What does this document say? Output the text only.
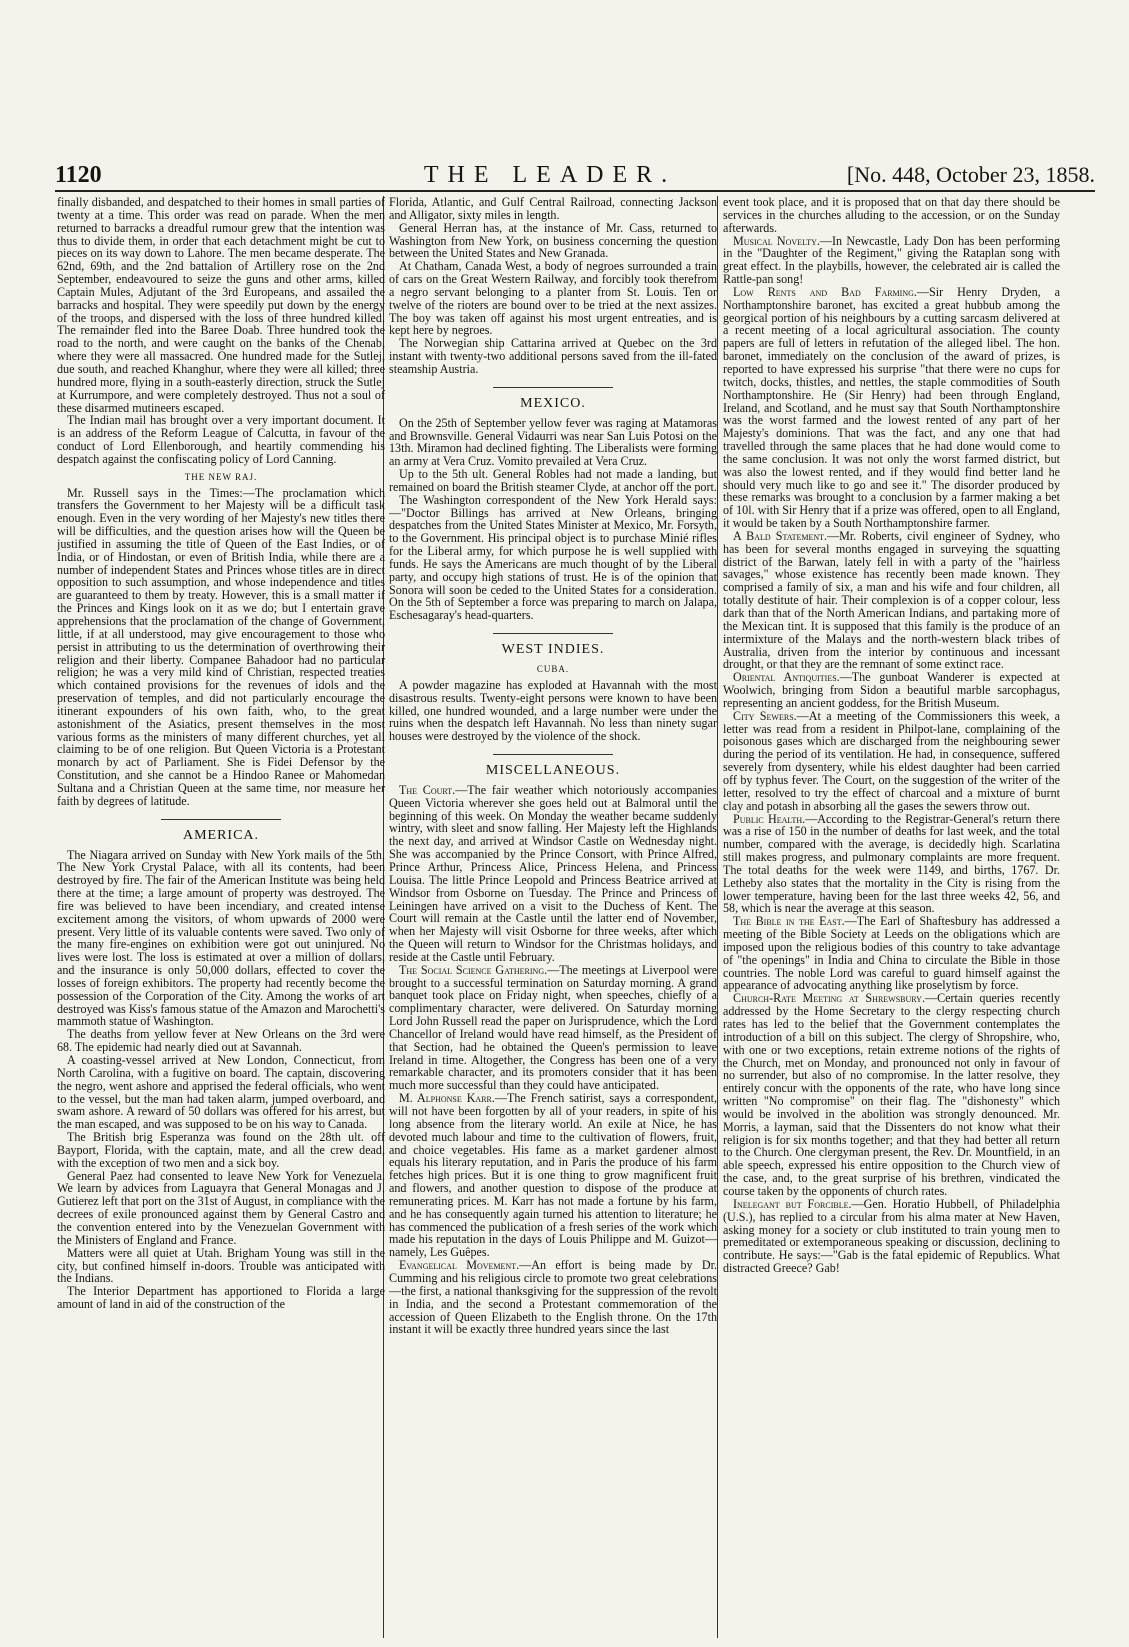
1120	THE LEADER.	[No. 448, October 23, 1858.

finally disbanded, and despatched to their homes in small parties of twenty at a time. This order was read on parade. When the men returned to barracks a dreadful rumour grew that the intention was thus to divide them, in order that each detachment might be cut to pieces on its way down to Lahore. The men became desperate. The 62nd, 69th, and the 2nd battalion of Artillery rose on the 2nd September, endeavoured to seize the guns and other arms, killed Captain Mules, Adjutant of the 3rd Europeans, and assailed the barracks and hospital. They were speedily put down by the energy of the troops, and dispersed with the loss of three hundred killed. The remainder fled into the Baree Doab. Three hundred took the road to the north, and were caught on the banks of the Chenab, where they were all massacred. One hundred made for the Sutlej, due south, and reached Khanghur, where they were all killed; three hundred more, flying in a south-easterly direction, struck the Sutlej at Kurrumpore, and were completely destroyed. Thus not a soul of these disarmed mutineers escaped.

The Indian mail has brought over a very important document. It is an address of the Reform League of Calcutta, in favour of the conduct of Lord Ellenborough, and heartily commending his despatch against the confiscating policy of Lord Canning.

THE NEW RAJ.

Mr. Russell says in the Times:—The proclamation which transfers the Government to her Majesty will be a difficult task enough. Even in the very wording of her Majesty's new titles there will be difficulties, and the question arises how will the Queen be justified in assuming the title of Queen of the East Indies, or of India, or of Hindostan, or even of British India, while there are a number of independent States and Princes whose titles are in direct opposition to such assumption, and whose independence and titles are guaranteed to them by treaty. However, this is a small matter if the Princes and Kings look on it as we do; but I entertain grave apprehensions that the proclamation of the change of Government, little, if at all understood, may give encouragement to those who persist in attributing to us the determination of overthrowing their religion and their liberty. Companee Bahadoor had no particular religion; he was a very mild kind of Christian, respected treaties which contained provisions for the revenues of idols and the preservation of temples, and did not particularly encourage the itinerant expounders of his own faith, who, to the great astonishment of the Asiatics, present themselves in the most various forms as the ministers of many different churches, yet all claiming to be of one religion. But Queen Victoria is a Protestant monarch by act of Parliament. She is Fidei Defensor by the Constitution, and she cannot be a Hindoo Ranee or Mahomedan Sultana and a Christian Queen at the same time, nor measure her faith by degrees of latitude.

AMERICA.

The Niagara arrived on Sunday with New York mails of the 5th. The New York Crystal Palace, with all its contents, had been destroyed by fire. The fair of the American Institute was being held there at the time; a large amount of property was destroyed. The fire was believed to have been incendiary, and created intense excitement among the visitors, of whom upwards of 2000 were present. Very little of its valuable contents were saved. Two only of the many fire-engines on exhibition were got out uninjured. No lives were lost. The loss is estimated at over a million of dollars, and the insurance is only 50,000 dollars, effected to cover the losses of foreign exhibitors. The property had recently become the possession of the Corporation of the City. Among the works of art destroyed was Kiss's famous statue of the Amazon and Marochetti's mammoth statue of Washington.

The deaths from yellow fever at New Orleans on the 3rd were 68. The epidemic had nearly died out at Savannah.

A coasting-vessel arrived at New London, Connecticut, from North Carolina, with a fugitive on board. The captain, discovering the negro, went ashore and apprised the federal officials, who went to the vessel, but the man had taken alarm, jumped overboard, and swam ashore. A reward of 50 dollars was offered for his arrest, but the man escaped, and was supposed to be on his way to Canada.

The British brig Esperanza was found on the 28th ult. off Bayport, Florida, with the captain, mate, and all the crew dead, with the exception of two men and a sick boy.

General Paez had consented to leave New York for Venezuela. We learn by advices from Laguayra that General Monagas and J. Gutierez left that port on the 31st of August, in compliance with the decrees of exile pronounced against them by General Castro and the convention entered into by the Venezuelan Government with the Ministers of England and France.

Matters were all quiet at Utah. Brigham Young was still in the city, but confined himself in-doors. Trouble was anticipated with the Indians.

The Interior Department has apportioned to Florida a large amount of land in aid of the construction of the

Florida, Atlantic, and Gulf Central Railroad, connecting Jackson and Alligator, sixty miles in length.

General Herran has, at the instance of Mr. Cass, returned to Washington from New York, on business concerning the question between the United States and New Granada.

At Chatham, Canada West, a body of negroes surrounded a train of cars on the Great Western Railway, and forcibly took therefrom a negro servant belonging to a planter from St. Louis. Ten or twelve of the rioters are bound over to be tried at the next assizes. The boy was taken off against his most urgent entreaties, and is kept here by negroes.

The Norwegian ship Cattarina arrived at Quebec on the 3rd instant with twenty-two additional persons saved from the ill-fated steamship Austria.

MEXICO.

On the 25th of September yellow fever was raging at Matamoras and Brownsville. General Vidaurri was near San Luis Potosi on the 13th. Miramon had declined fighting. The Liberalists were forming an army at Vera Cruz. Vomito prevailed at Vera Cruz.

Up to the 5th ult. General Robles had not made a landing, but remained on board the British steamer Clyde, at anchor off the port.

The Washington correspondent of the New York Herald says:—"Doctor Billings has arrived at New Orleans, bringing despatches from the United States Minister at Mexico, Mr. Forsyth, to the Government. His principal object is to purchase Minié rifles for the Liberal army, for which purpose he is well supplied with funds. He says the Americans are much thought of by the Liberal party, and occupy high stations of trust. He is of the opinion that Sonora will soon be ceded to the United States for a consideration. On the 5th of September a force was preparing to march on Jalapa, Eschesagaray's head-quarters.

WEST INDIES.
CUBA.

A powder magazine has exploded at Havannah with the most disastrous results. Twenty-eight persons were known to have been killed, one hundred wounded, and a large number were under the ruins when the despatch left Havannah. No less than ninety sugar houses were destroyed by the violence of the shock.

MISCELLANEOUS.

The Court.—The fair weather which notoriously accompanies Queen Victoria wherever she goes held out at Balmoral until the beginning of this week. On Monday the weather became suddenly wintry, with sleet and snow falling. Her Majesty left the Highlands the next day, and arrived at Windsor Castle on Wednesday night. She was accompanied by the Prince Consort, with Prince Alfred, Prince Arthur, Princess Alice, Princess Helena, and Princess Louisa. The little Prince Leopold and Princess Beatrice arrived at Windsor from Osborne on Tuesday. The Prince and Princess of Leiningen have arrived on a visit to the Duchess of Kent. The Court will remain at the Castle until the latter end of November, when her Majesty will visit Osborne for three weeks, after which the Queen will return to Windsor for the Christmas holidays, and reside at the Castle until February.

The Social Science Gathering.—The meetings at Liverpool were brought to a successful termination on Saturday morning. A grand banquet took place on Friday night, when speeches, chiefly of a complimentary character, were delivered. On Saturday morning Lord John Russell read the paper on Jurisprudence, which the Lord Chancellor of Ireland would have read himself, as the President of that Section, had he obtained the Queen's permission to leave Ireland in time. Altogether, the Congress has been one of a very remarkable character, and its promoters consider that it has been much more successful than they could have anticipated.

M. Alphonse Karr.—The French satirist, says a correspondent, will not have been forgotten by all of your readers, in spite of his long absence from the literary world. An exile at Nice, he has devoted much labour and time to the cultivation of flowers, fruit, and choice vegetables. His fame as a market gardener almost equals his literary reputation, and in Paris the produce of his farm fetches high prices. But it is one thing to grow magnificent fruit and flowers, and another question to dispose of the produce at remunerating prices. M. Karr has not made a fortune by his farm, and he has consequently again turned his attention to literature; he has commenced the publication of a fresh series of the work which made his reputation in the days of Louis Philippe and M. Guizot—namely, Les Guêpes.

Evangelical Movement.—An effort is being made by Dr. Cumming and his religious circle to promote two great celebrations—the first, a national thanksgiving for the suppression of the revolt in India, and the second a Protestant commemoration of the accession of Queen Elizabeth to the English throne. On the 17th instant it will be exactly three hundred years since the last

event took place, and it is proposed that on that day there should be services in the churches alluding to the accession, or on the Sunday afterwards.

Musical Novelty.—In Newcastle, Lady Don has been performing in the "Daughter of the Regiment," giving the Rataplan song with great effect. In the playbills, however, the celebrated air is called the Rattle-pan song!

Low Rents and Bad Farming.—Sir Henry Dryden, a Northamptonshire baronet, has excited a great hubbub among the georgical portion of his neighbours by a cutting sarcasm delivered at a recent meeting of a local agricultural association. The county papers are full of letters in refutation of the alleged libel. The hon. baronet, immediately on the conclusion of the award of prizes, is reported to have expressed his surprise "that there were no cups for twitch, docks, thistles, and nettles, the staple commodities of South Northamptonshire. He (Sir Henry) had been through England, Ireland, and Scotland, and he must say that South Northamptonshire was the worst farmed and the lowest rented of any part of her Majesty's dominions. That was the fact, and any one that had travelled through the same places that he had done would come to the same conclusion. It was not only the worst farmed district, but was also the lowest rented, and if they would find better land he should very much like to go and see it." The disorder produced by these remarks was brought to a conclusion by a farmer making a bet of 10l. with Sir Henry that if a prize was offered, open to all England, it would be taken by a South Northamptonshire farmer.

A Bald Statement.—Mr. Roberts, civil engineer of Sydney, who has been for several months engaged in surveying the squatting district of the Barwan, lately fell in with a party of the "hairless savages," whose existence has recently been made known. They comprised a family of six, a man and his wife and four children, all totally destitute of hair. Their complexion is of a copper colour, less dark than that of the North American Indians, and partaking more of the Mexican tint. It is supposed that this family is the produce of an intermixture of the Malays and the north-western black tribes of Australia, driven from the interior by continuous and incessant drought, or that they are the remnant of some extinct race.

Oriental Antiquities.—The gunboat Wanderer is expected at Woolwich, bringing from Sidon a beautiful marble sarcophagus, representing an ancient goddess, for the British Museum.

City Sewers.—At a meeting of the Commissioners this week, a letter was read from a resident in Philpot-lane, complaining of the poisonous gases which are discharged from the neighbouring sewer during the period of its ventilation. He had, in consequence, suffered severely from dysentery, while his eldest daughter had been carried off by typhus fever. The Court, on the suggestion of the writer of the letter, resolved to try the effect of charcoal and a mixture of burnt clay and potash in absorbing all the gases the sewers throw out.

Public Health.—According to the Registrar-General's return there was a rise of 150 in the number of deaths for last week, and the total number, compared with the average, is decidedly high. Scarlatina still makes progress, and pulmonary complaints are more frequent. The total deaths for the week were 1149, and births, 1767. Dr. Letheby also states that the mortality in the City is rising from the lower temperature, having been for the last three weeks 42, 56, and 58, which is near the average at this season.

The Bible in the East.—The Earl of Shaftesbury has addressed a meeting of the Bible Society at Leeds on the obligations which are imposed upon the religious bodies of this country to take advantage of "the openings" in India and China to circulate the Bible in those countries. The noble Lord was careful to guard himself against the appearance of advocating anything like proselytism by force.

Church-Rate Meeting at Shrewsbury.—Certain queries recently addressed by the Home Secretary to the clergy respecting church rates has led to the belief that the Government contemplates the introduction of a bill on this subject. The clergy of Shropshire, who, with one or two exceptions, retain extreme notions of the rights of the Church, met on Monday, and pronounced not only in favour of no surrender, but also of no compromise. In the latter resolve, they entirely concur with the opponents of the rate, who have long since written "No compromise" on their flag. The "dishonesty" which would be involved in the abolition was strongly denounced. Mr. Morris, a layman, said that the Dissenters do not know what their religion is for six months together; and that they had better all return to the Church. One clergyman present, the Rev. Dr. Mountfield, in an able speech, expressed his entire opposition to the Church view of the case, and, to the great surprise of his brethren, vindicated the course taken by the opponents of church rates.

Inelegant but Forcible.—Gen. Horatio Hubbell, of Philadelphia (U.S.), has replied to a circular from his alma mater at New Haven, asking money for a society or club instituted to train young men to premeditated or extemporaneous speaking or discussion, declining to contribute. He says:—"Gab is the fatal epidemic of Republics. What distracted Greece? Gab!
